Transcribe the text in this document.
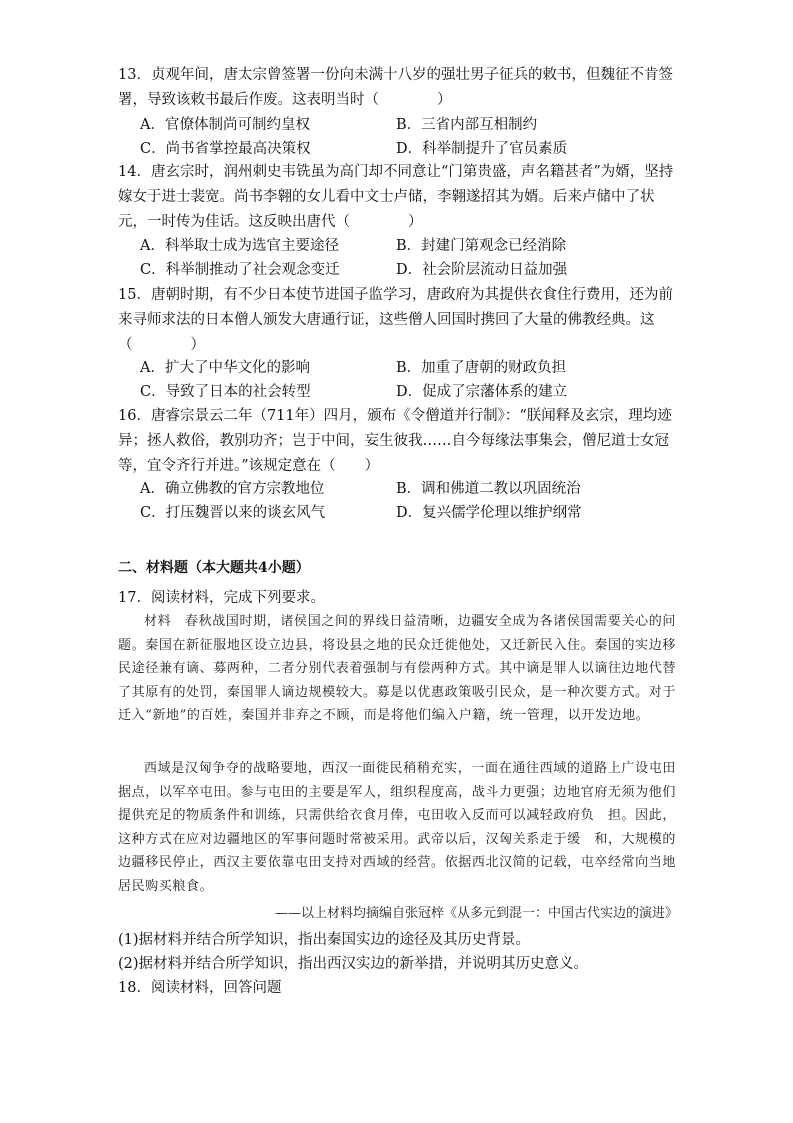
13．贞观年间，唐太宗曾签署一份向未满十八岁的强壮男子征兵的敕书，但魏征不肯签署，导致该敕书最后作废。这表明当时（　　　　）
A．官僚体制尚可制约皇权	B．三省内部互相制约
C．尚书省掌控最高决策权	D．科举制提升了官员素质
14．唐玄宗时，润州刺史韦铣虽为高门却不同意让“门第贵盛，声名籍甚者”为婿，坚持嫁女于进士裴宽。尚书李翱的女儿看中文士卢储，李翱遂招其为婿。后来卢储中了状元，一时传为佳话。这反映出唐代（　　　　）
A．科举取士成为选官主要途径	B．封建门第观念已经消除
C．科举制推动了社会观念变迁	D．社会阶层流动日益加强
15．唐朝时期，有不少日本使节进国子监学习，唐政府为其提供衣食住行费用，还为前来寻师求法的日本僧人颁发大唐通行证，这些僧人回国时携回了大量的佛教经典。这（　　　　）
A．扩大了中华文化的影响	B．加重了唐朝的财政负担
C．导致了日本的社会转型	D．促成了宗藩体系的建立
16．唐睿宗景云二年（711年）四月，颁布《令僧道并行制》：“朕闻释及玄宗，理均迹异；拯人救俗，教别功齐；岂于中间，妄生彼我……自今每缘法事集会，僧尼道士女冠等，宜令齐行并进。”该规定意在（　　）
A．确立佛教的官方宗教地位	B．调和佛道二教以巩固统治
C．打压魏晋以来的谈玄风气	D．复兴儒学伦理以维护纲常
二、材料题（本大题共4小题）
17．阅读材料，完成下列要求。
材料　春秋战国时期，诸侯国之间的界线日益清晰，边疆安全成为各诸侯国需要关心的问题。秦国在新征服地区设立边县，将设县之地的民众迁徙他处，又迁新民入住。秦国的实边移民途径兼有谪、募两种，二者分别代表着强制与有偿两种方式。其中谪是罪人以谪往边地代替了其原有的处罚，秦国罪人谪边规模较大。募是以优惠政策吸引民众，是一种次要方式。对于迁入“新地”的百姓，秦国并非弃之不顾，而是将他们编入户籍，统一管理，以开发边地。
西域是汉匈争夺的战略要地，西汉一面徙民稍稍充实，一面在通往西域的道路上广设屯田据点，以军卒屯田。参与屯田的主要是军人，组织程度高，战斗力更强；边地官府无须为他们提供充足的物质条件和训练，只需供给衣食月俸，屯田收入反而可以减轻政府负　担。因此，这种方式在应对边疆地区的军事问题时常被采用。武帝以后，汉匈关系走于缓　和，大规模的边疆移民停止，西汉主要依靠屯田支持对西域的经营。依据西北汉简的记载，屯卒经常向当地居民购买粮食。
——以上材料均摘编自张冠梓《从多元到混一：中国古代实边的演进》
(1)据材料并结合所学知识，指出秦国实边的途径及其历史背景。
(2)据材料并结合所学知识，指出西汉实边的新举措，并说明其历史意义。
18．阅读材料，回答问题
